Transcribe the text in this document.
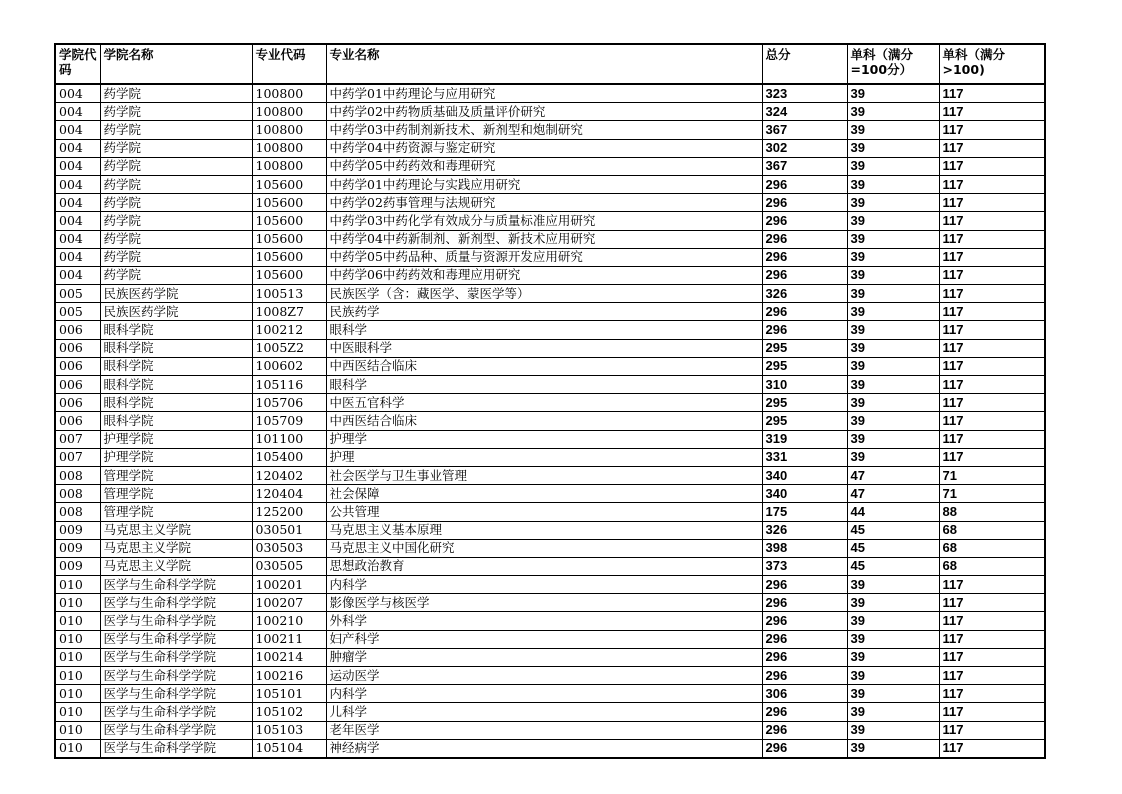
学院代码	学院名称	专业代码	专业名称	总分	单科（满分=100分）	单科（满分>100)
004	药学院	100800	中药学01中药理论与应用研究	323	39	117
004	药学院	100800	中药学02中药物质基础及质量评价研究	324	39	117
004	药学院	100800	中药学03中药制剂新技术、新剂型和炮制研究	367	39	117
004	药学院	100800	中药学04中药资源与鉴定研究	302	39	117
004	药学院	100800	中药学05中药药效和毒理研究	367	39	117
004	药学院	105600	中药学01中药理论与实践应用研究	296	39	117
004	药学院	105600	中药学02药事管理与法规研究	296	39	117
004	药学院	105600	中药学03中药化学有效成分与质量标准应用研究	296	39	117
004	药学院	105600	中药学04中药新制剂、新剂型、新技术应用研究	296	39	117
004	药学院	105600	中药学05中药品种、质量与资源开发应用研究	296	39	117
004	药学院	105600	中药学06中药药效和毒理应用研究	296	39	117
005	民族医药学院	100513	民族医学（含：藏医学、蒙医学等）	326	39	117
005	民族医药学院	1008Z7	民族药学	296	39	117
006	眼科学院	100212	眼科学	296	39	117
006	眼科学院	1005Z2	中医眼科学	295	39	117
006	眼科学院	100602	中西医结合临床	295	39	117
006	眼科学院	105116	眼科学	310	39	117
006	眼科学院	105706	中医五官科学	295	39	117
006	眼科学院	105709	中西医结合临床	295	39	117
007	护理学院	101100	护理学	319	39	117
007	护理学院	105400	护理	331	39	117
008	管理学院	120402	社会医学与卫生事业管理	340	47	71
008	管理学院	120404	社会保障	340	47	71
008	管理学院	125200	公共管理	175	44	88
009	马克思主义学院	030501	马克思主义基本原理	326	45	68
009	马克思主义学院	030503	马克思主义中国化研究	398	45	68
009	马克思主义学院	030505	思想政治教育	373	45	68
010	医学与生命科学学院	100201	内科学	296	39	117
010	医学与生命科学学院	100207	影像医学与核医学	296	39	117
010	医学与生命科学学院	100210	外科学	296	39	117
010	医学与生命科学学院	100211	妇产科学	296	39	117
010	医学与生命科学学院	100214	肿瘤学	296	39	117
010	医学与生命科学学院	100216	运动医学	296	39	117
010	医学与生命科学学院	105101	内科学	306	39	117
010	医学与生命科学学院	105102	儿科学	296	39	117
010	医学与生命科学学院	105103	老年医学	296	39	117
010	医学与生命科学学院	105104	神经病学	296	39	117
